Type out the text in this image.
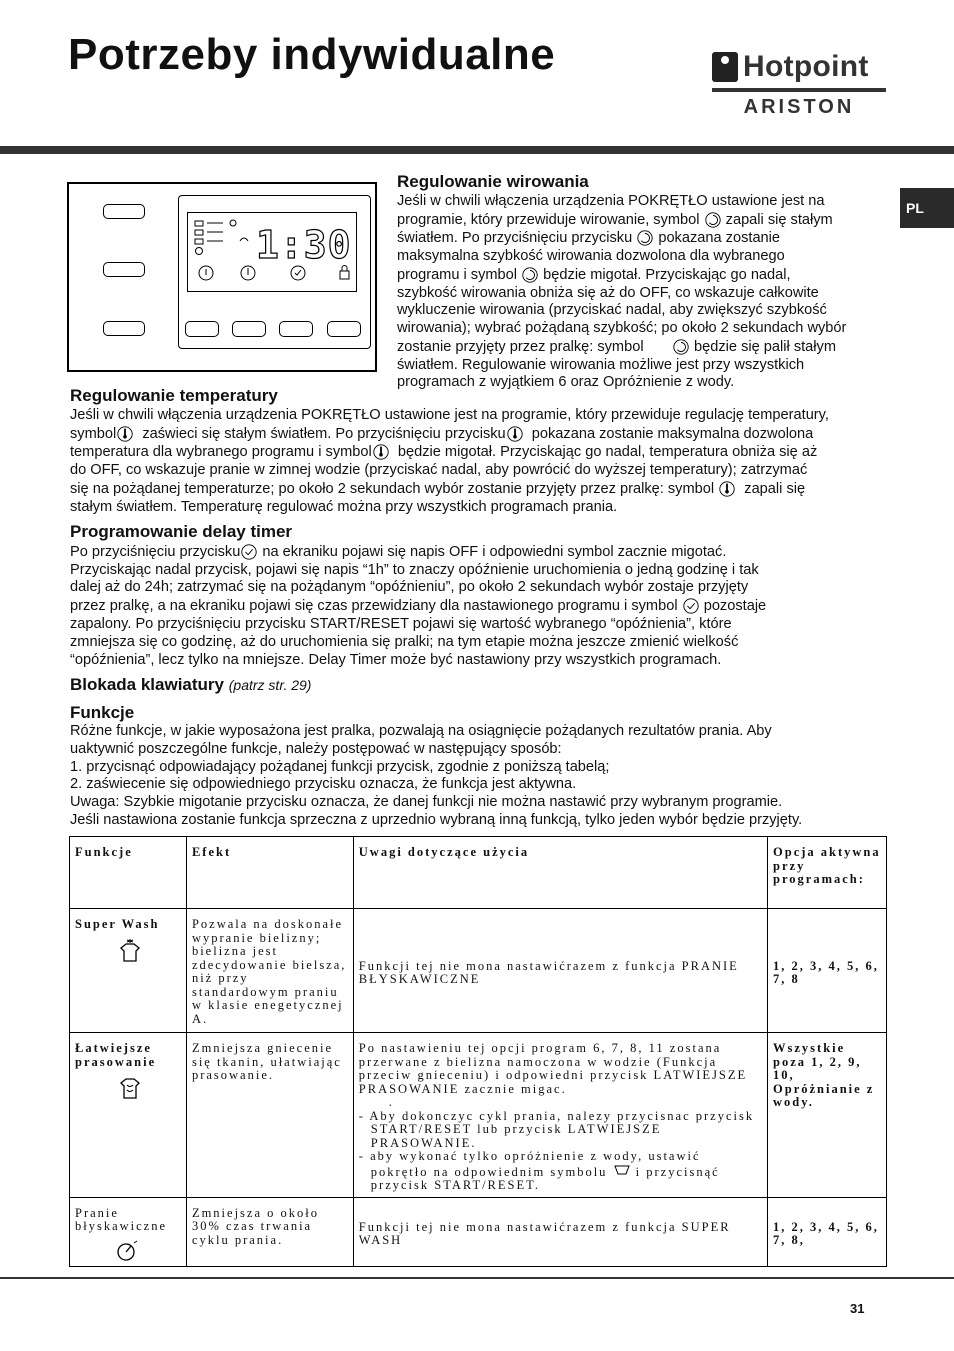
Potrzeby indywidualne	Hotpoint
ARISTON
PL
1:30
Regulowanie wirowania
Jeśli w chwili włączenia urządzenia POKRĘTŁO ustawione jest na
programie, który przewiduje wirowanie, symbol zapali się stałym
światłem. Po przyciśnięciu przycisku pokazana zostanie
maksymalna szybkość wirowania dozwolona dla wybranego
programu i symbol będzie migotał. Przyciskając go nadal,
szybkość wirowania obniża się aż do OFF, co wskazuje całkowite
wykluczenie wirowania (przyciskać nadal, aby zwiększyć szybkość
wirowania); wybrać pożądaną szybkość; po około 2 sekundach wybór
zostanie przyjęty przez pralkę: symbol	będzie się palił stałym
światłem. Regulowanie wirowania możliwe jest przy wszystkich
programach z wyjątkiem 6 oraz Opróżnienie z wody.
Regulowanie temperatury
Jeśli w chwili włączenia urządzenia POKRĘTŁO ustawione jest na programie, który przewiduje regulację temperatury,
symbol zaświeci się stałym światłem. Po przyciśnięciu przycisku pokazana zostanie maksymalna dozwolona
temperatura dla wybranego programu i symbol będzie migotał. Przyciskając go nadal, temperatura obniża się aż
do OFF, co wskazuje pranie w zimnej wodzie (przyciskać nadal, aby powrócić do wyższej temperatury); zatrzymać
się na pożądanej temperaturze; po około 2 sekundach wybór zostanie przyjęty przez pralkę: symbol zapali się
stałym światłem. Temperaturę regulować można przy wszystkich programach prania.
Programowanie delay timer
Po przyciśnięciu przycisku na ekraniku pojawi się napis OFF i odpowiedni symbol zacznie migotać.
Przyciskając nadal przycisk, pojawi się napis “1h” to znaczy opóźnienie uruchomienia o jedną godzinę i tak
dalej aż do 24h; zatrzymać się na pożądanym “opóźnieniu”, po około 2 sekundach wybór zostaje przyjęty
przez pralkę, a na ekraniku pojawi się czas przewidziany dla nastawionego programu i symbol pozostaje
zapalony. Po przyciśnięciu przycisku START/RESET pojawi się wartość wybranego “opóźnienia”, które
zmniejsza się co godzinę, aż do uruchomienia się pralki; na tym etapie można jeszcze zmienić wielkość
“opóźnienia”, lecz tylko na mniejsze. Delay Timer może być nastawiony przy wszystkich programach.
Blokada klawiatury (patrz str. 29)
Funkcje
Różne funkcje, w jakie wyposażona jest pralka, pozwalają na osiągnięcie pożądanych rezultatów prania. Aby
uaktywnić poszczególne funkcje, należy postępować w następujący sposób:
1. przycisnąć odpowiadający pożądanej funkcji przycisk, zgodnie z poniższą tabelą;
2. zaświecenie się odpowiedniego przycisku oznacza, że funkcja jest aktywna.
Uwaga: Szybkie migotanie przycisku oznacza, że danej funkcji nie można nastawić przy wybranym programie.
Jeśli nastawiona zostanie funkcja sprzeczna z uprzednio wybraną inną funkcją, tylko jeden wybór będzie przyjęty.
Funkcje	Efekt	Uwagi dotyczące użycia	Opcja aktywna przy programach:

Super Wash	Pozwala na doskonałe wypranie bielizny; bielizna jest zdecydowanie bielsza, niż przy standardowym praniu w klasie enegetycznej A.	Funkcji tej nie mona nastawićrazem z funkcja PRANIE BŁYSKAWICZNE	1, 2, 3, 4, 5, 6, 7, 8

Łatwiejsze prasowanie	Zmniejsza gniecenie się tkanin, ułatwiając prasowanie.	Po nastawieniu tej opcji program 6, 7, 8, 11 zostana przerwane z bielizna namoczona w wodzie (Funkcja przeciw gnieceniu) i odpowiedni przycisk LATWIEJSZE PRASOWANIE zacznie migac.
.
- Aby dokonczyc cykl prania, nalezy przycisnac przycisk START/RESET lub przycisk LATWIEJSZE PRASOWANIE.
- aby wykonać tylko opróżnienie z wody, ustawić pokrętło na odpowiednim symbolu i przycisnąć przycisk START/RESET.	Wszystkie poza 1, 2, 9, 10, Opróżnianie z wody.

Pranie błyskawiczne	Zmniejsza o około 30% czas trwania cyklu prania.	Funkcji tej nie mona nastawićrazem z funkcja SUPER WASH	1, 2, 3, 4, 5, 6, 7, 8,
31
